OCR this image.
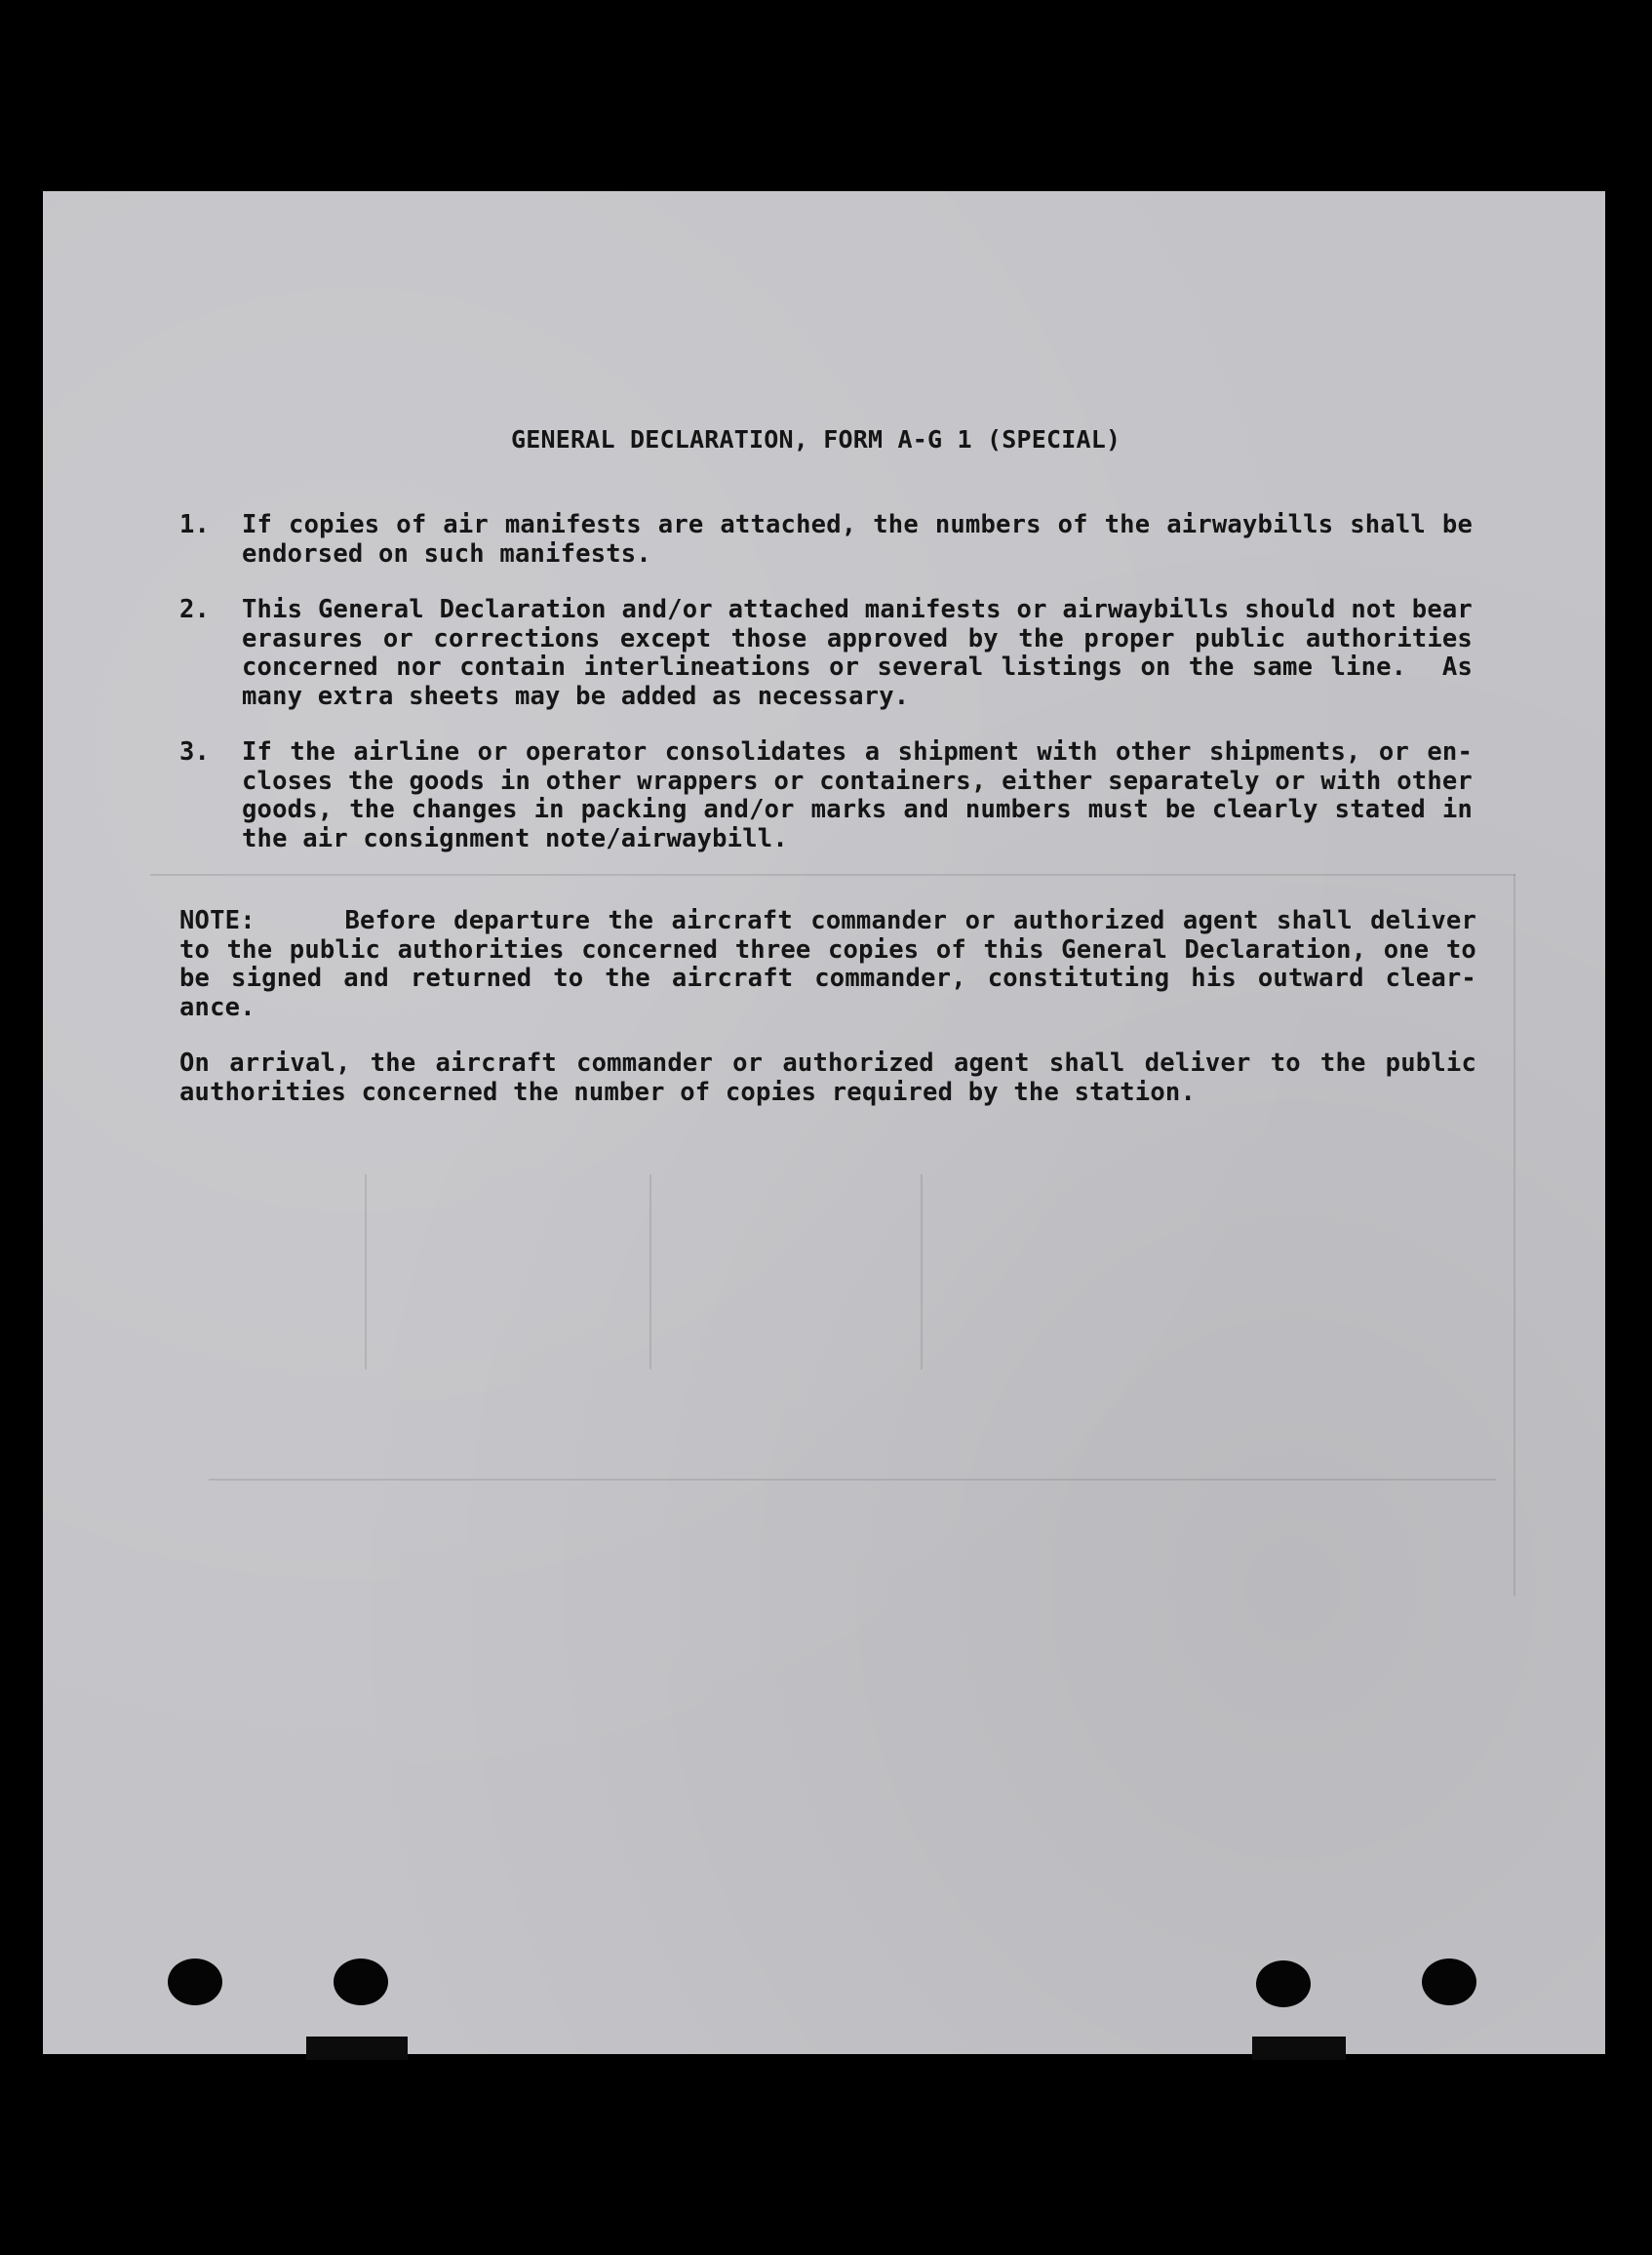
GENERAL DECLARATION, FORM A-G 1 (SPECIAL)
1. If copies of air manifests are attached, the numbers of the airwaybills shall be
endorsed on such manifests.
2. This General Declaration and/or attached manifests or airwaybills should not bear
erasures or corrections except those approved by the proper public authorities
concerned nor contain interlineations or several listings on the same line.  As
many extra sheets may be added as necessary.
3. If the airline or operator consolidates a shipment with other shipments, or en-
closes the goods in other wrappers or containers, either separately or with other
goods, the changes in packing and/or marks and numbers must be clearly stated in
the air consignment note/airwaybill.
NOTE:     Before departure the aircraft commander or authorized agent shall deliver
to the public authorities concerned three copies of this General Declaration, one to
be signed and returned to the aircraft commander, constituting his outward clear-
ance.
On arrival, the aircraft commander or authorized agent shall deliver to the public
authorities concerned the number of copies required by the station.
